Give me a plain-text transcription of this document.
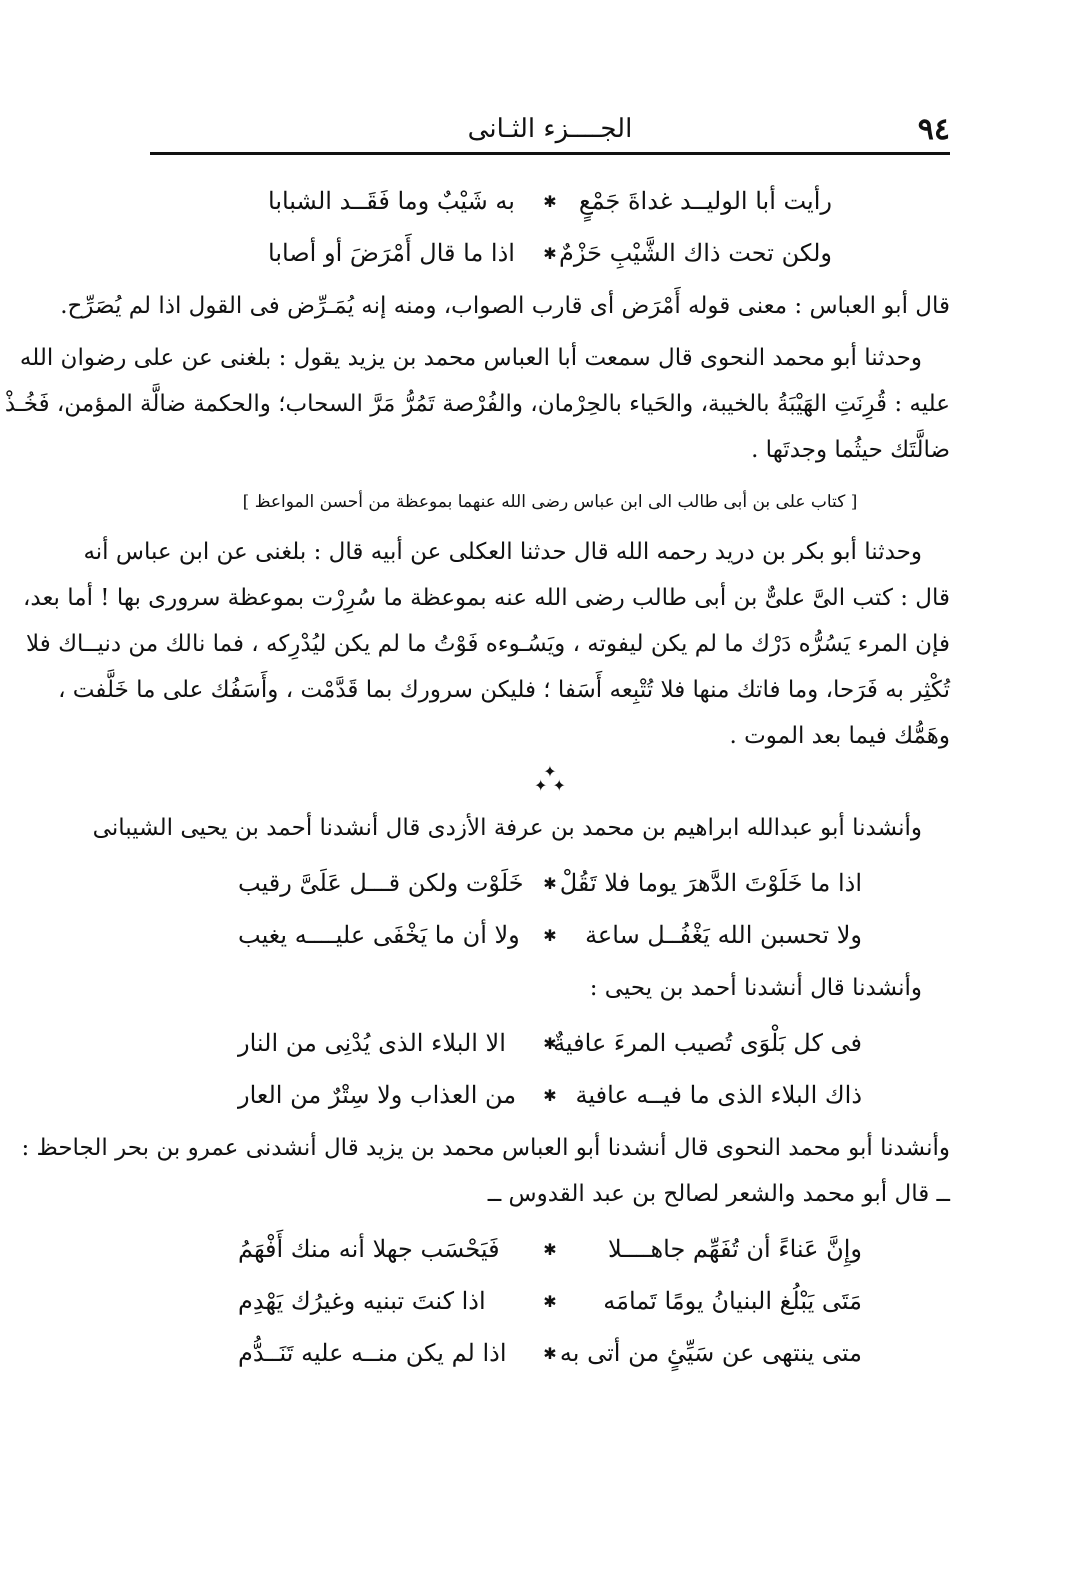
٩٤
الجــــزء الثـانى
رأيت أبا الوليــد غداةَ جَمْعٍ
✱
به شَيْبٌ وما فَقَــد الشبابا
ولكن تحت ذاك الشَّيْبِ حَزْمٌ
✱
اذا ما قال أَمْرَضَ أو أصابا
قال أبو العباس : معنى قوله أَمْرَض أى قارب الصواب، ومنه إنه يُمَـرِّض فى القول اذا لم يُصَرِّح.
وحدثنا أبو محمد النحوى قال سمعت أبا العباس محمد بن يزيد يقول : بلغنى عن على رضوان الله
عليه : قُرِنَتِ الهَيْبَةُ بالخيبة، والحَياء بالحِرْمان، والفُرْصة تَمُرُّ مَرَّ السحاب؛ والحكمة ضالَّة المؤمن، فَخُـذْ
ضالَّتَك حيثُما وجدتَها .
[ كتاب على بن أبى طالب الى ابن عباس رضى الله عنهما بموعظة من أحسن المواعظ ]
وحدثنا أبو بكر بن دريد رحمه الله قال حدثنا العكلى عن أبيه قال : بلغنى عن ابن عباس أنه
قال : كتب الىَّ علىٌّ بن أبى طالب رضى الله عنه بموعظة ما سُرِرْت بموعظة سرورى بها ! أما بعد،
فإن المرء يَسُرُّه دَرْك ما لم يكن ليفوته ، ويَسُـوءه فَوْتُ ما لم يكن ليُدْرِكه ، فما نالك من دنيــاك فلا
تُكْثِر به فَرَحا، وما فاتك منها فلا تُتْبِعه أَسَفا ؛ فليكن سرورك بما قَدَّمْت ، وأَسَفُك على ما خَلَّفت ،
وهَمُّك فيما بعد الموت .
✦
✦ ✦
وأنشدنا أبو عبدالله ابراهيم بن محمد بن عرفة الأزدى قال أنشدنا أحمد بن يحيى الشيبانى
اذا ما خَلَوْتَ الدَّهرَ يوما فلا تَقُلْ
✱
خَلَوْت ولكن قـــل عَلَىَّ رقيب
ولا تحسبن الله يَغْفُــل ساعة
✱
ولا أن ما يَخْفَى عليــــه يغيب
وأنشدنا قال أنشدنا أحمد بن يحيى :
فى كل بَلْوَى تُصيب المرءَ عافيةٌ
✱
الا البلاء الذى يُدْنِى من النار
ذاك البلاء الذى ما فيــه عافية
✱
من العذاب ولا سِتْرٌ من العار
وأنشدنا أبو محمد النحوى قال أنشدنا أبو العباس محمد بن يزيد قال أنشدنى عمرو بن بحر الجاحظ :
ــ قال أبو محمد والشعر لصالح بن عبد القدوس ــ
وإِنَّ عَناءً أن تُفَهِّم جاهــــلا
✱
فَيَحْسَب جهلا أنه منك أَفْهَمُ
مَتَى يَبْلُغ البنيانُ يومًا تَمامَه
✱
اذا كنتَ تبنيه وغيرُك يَهْدِم
متى ينتهى عن سَيِّئٍ من أتى به
✱
اذا لم يكن منــه عليه تَنَــدُّم
